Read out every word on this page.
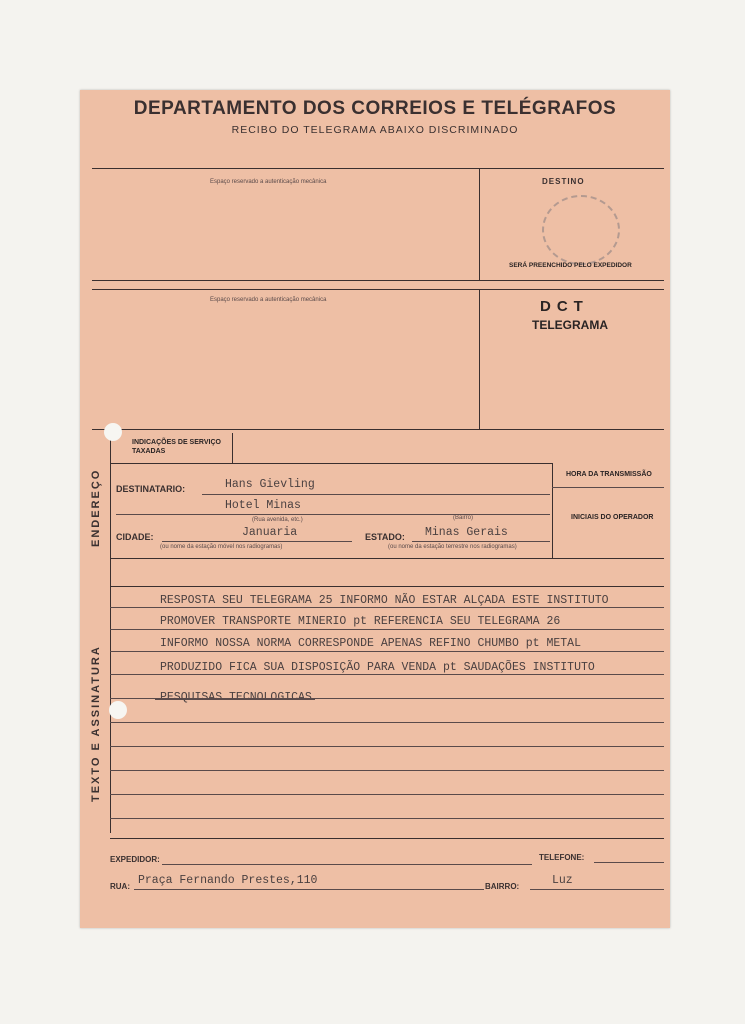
DEPARTAMENTO DOS CORREIOS E TELÉGRAFOS
RECIBO DO TELEGRAMA ABAIXO DISCRIMINADO
Espaço reservado a autenticação mecânica	DESTINO
SERÁ PREENCHIDO PELO EXPEDIDOR
Espaço reservado a autenticação mecânica	DCT
TELEGRAMA
INDICAÇÕES DE SERVIÇO TAXADAS
ENDEREÇO
TEXTO E ASSINATURA
HORA DA TRANSMISSÃO
INICIAIS DO OPERADOR
DESTINATARIO:	Hans Gievling
Hotel Minas
(Rua avenida, etc.)	(Bairro)
CIDADE:	Januaria
(ou nome da estação móvel nos radiogramas)
ESTADO: Minas Gerais
(ou nome da estação terrestre nos radiogramas)
RESPOSTA SEU TELEGRAMA 25 INFORMO NÃO ESTAR ALÇADA ESTE INSTITUTO
PROMOVER TRANSPORTE MINERIO pt REFERENCIA SEU TELEGRAMA 26
INFORMO NOSSA NORMA CORRESPONDE APENAS REFINO CHUMBO pt METAL
PRODUZIDO FICA SUA DISPOSIÇÃO PARA VENDA pt SAUDAÇÕES INSTITUTO
PESQUISAS TECNOLOGICAS
EXPEDIDOR:	TELEFONE:
RUA: Praça Fernando Prestes,110	BAIRRO:	Luz
